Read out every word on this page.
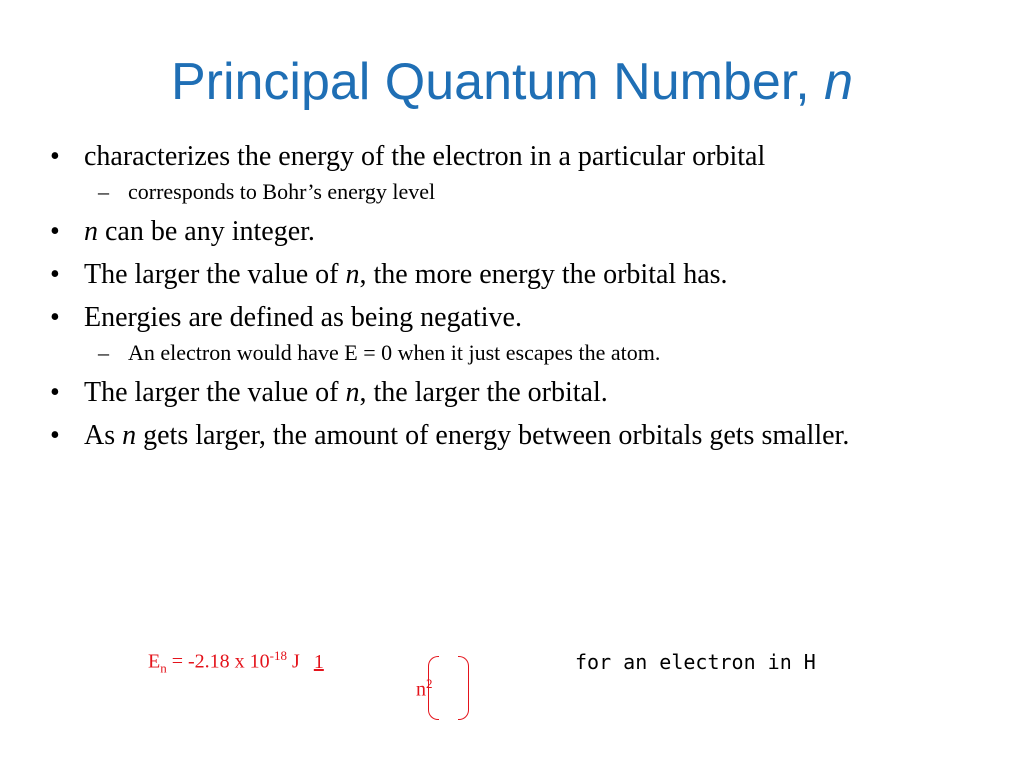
Principal Quantum Number, n
• characterizes the energy of the electron in a particular orbital
– corresponds to Bohr’s energy level
• n can be any integer.
• The larger the value of n, the more energy the orbital has.
• Energies are defined as being negative.
– An electron would have E = 0 when it just escapes the atom.
• The larger the value of n, the larger the orbital.
• As n gets larger, the amount of energy between orbitals gets smaller.
$E_n = -2.18$ x $10^{-18}$ J 1
$n^2$
for an electron in H
